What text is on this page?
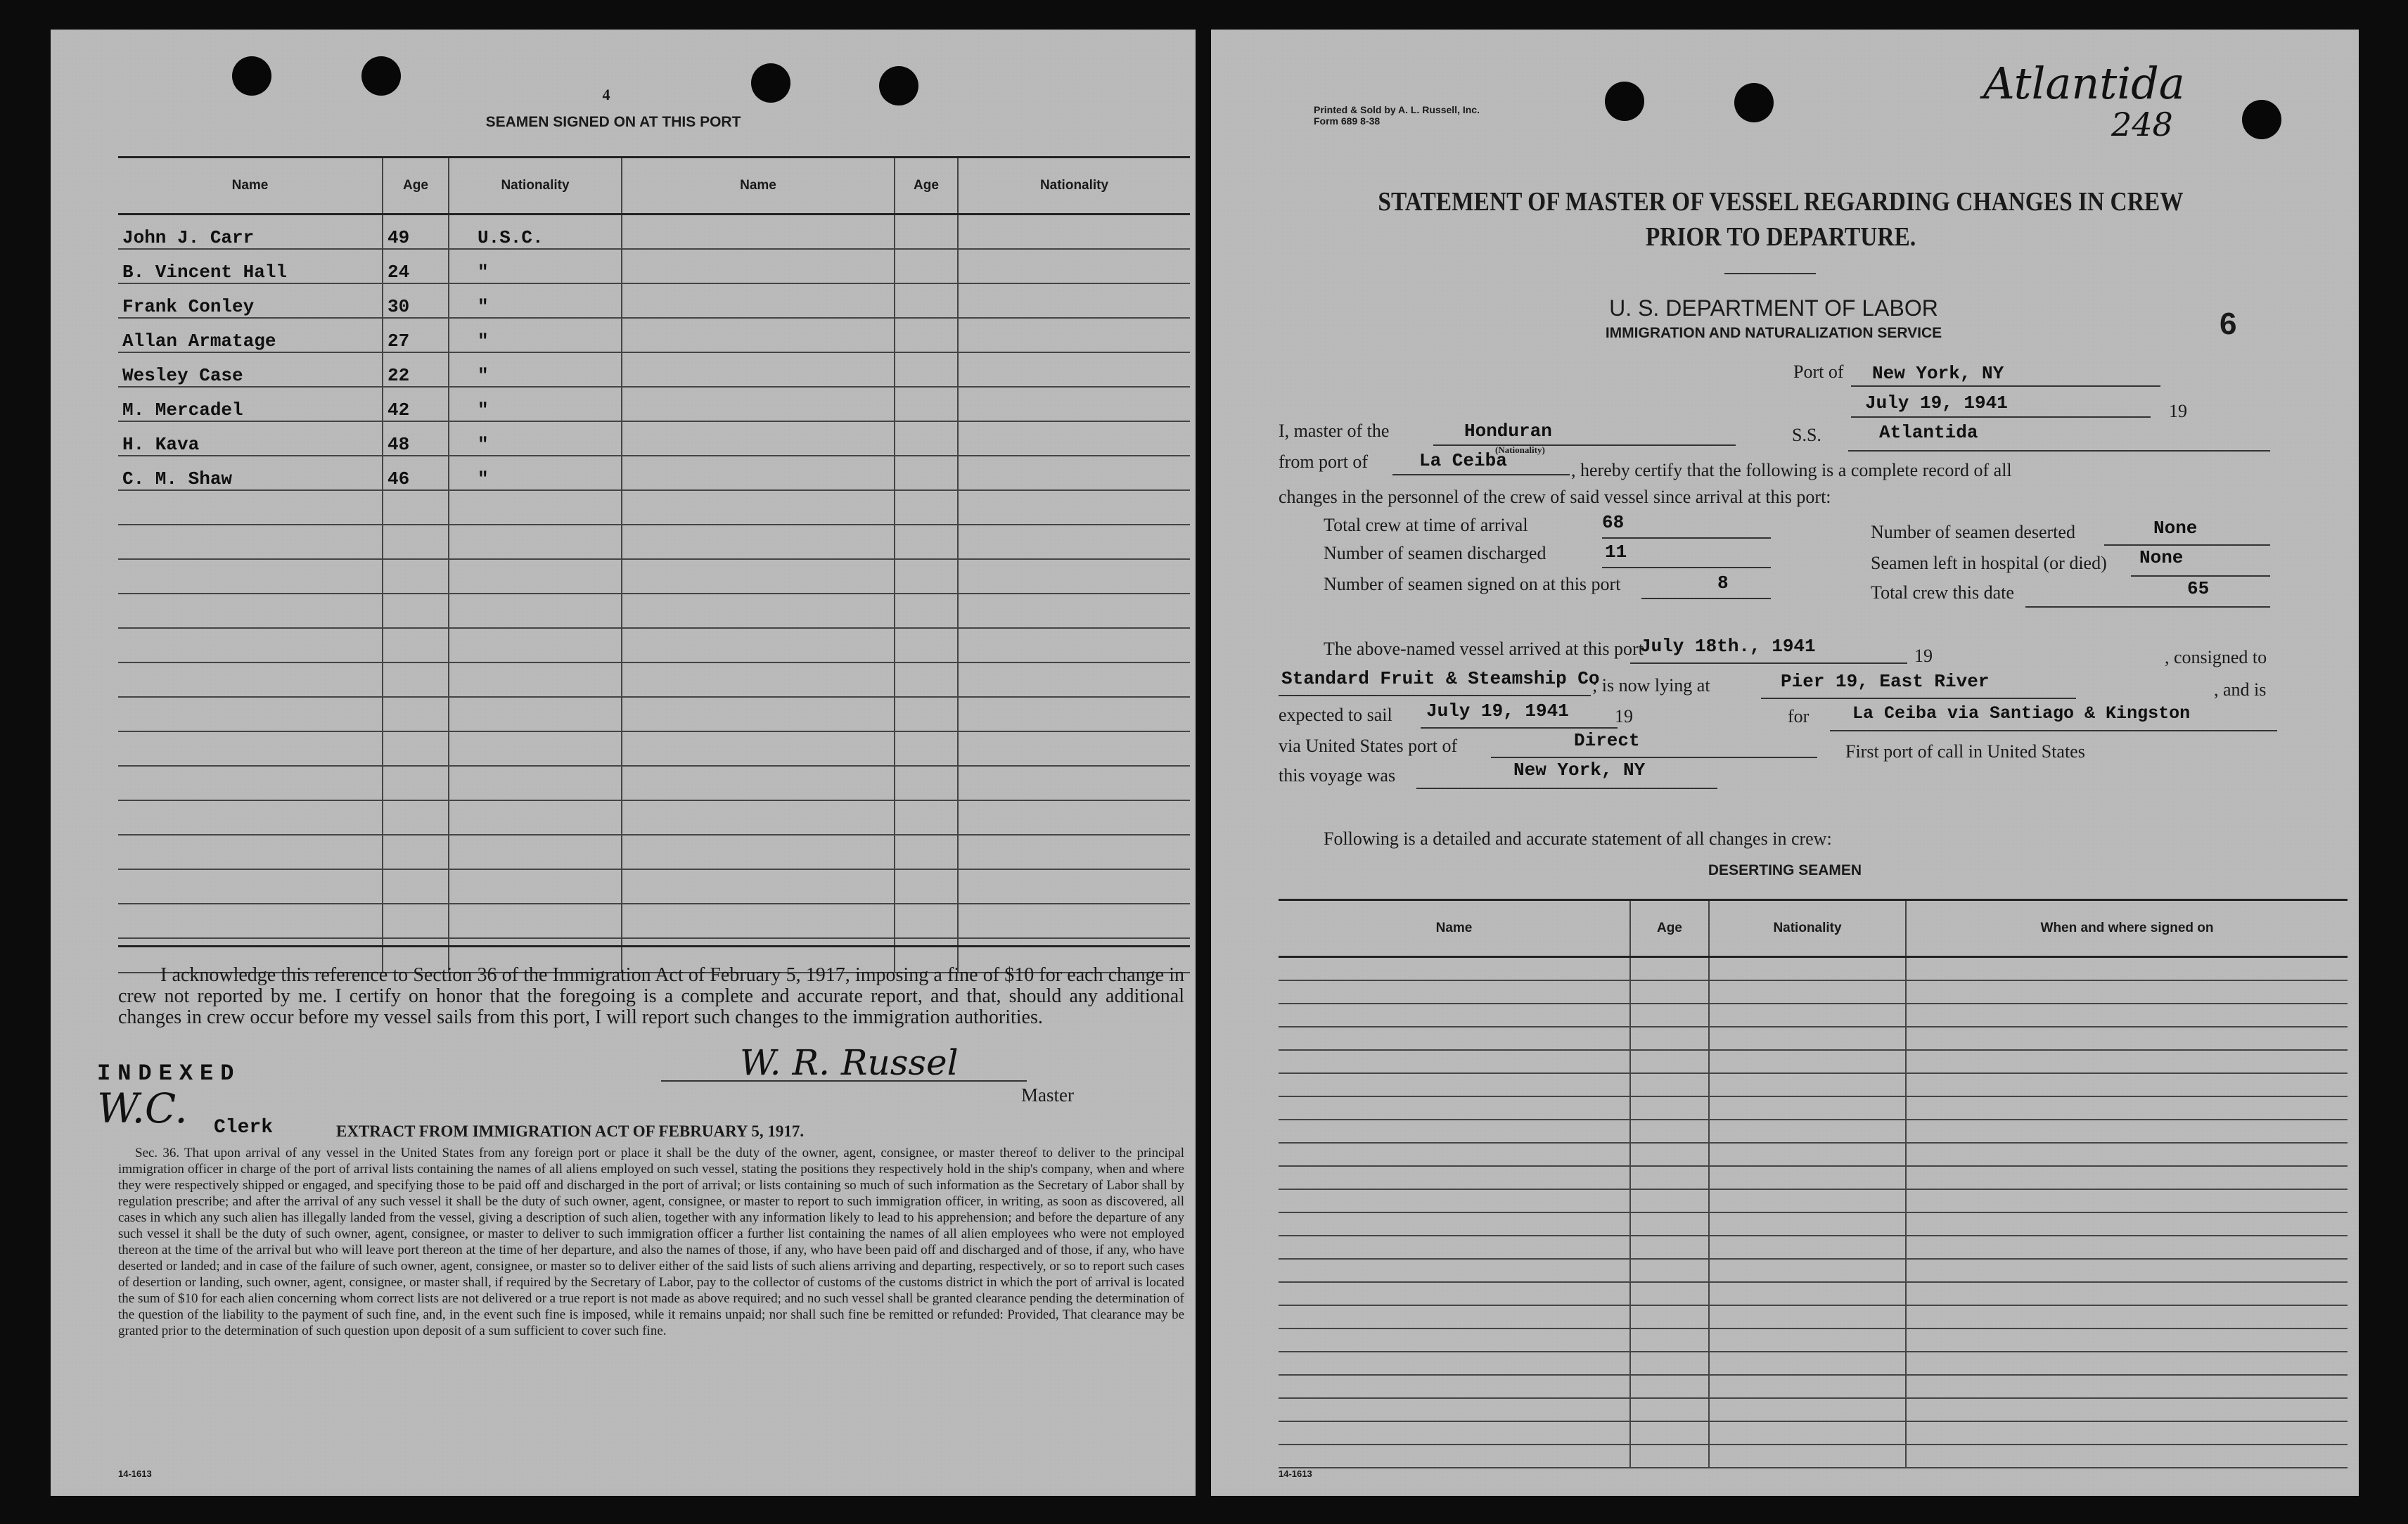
4
SEAMEN SIGNED ON AT THIS PORT
Name	Age	Nationality	Name	Age	Nationality
John J. Carr	49	U.S.C.			
B. Vincent Hall	24	"			
Frank Conley	30	"			
Allan Armatage	27	"			
Wesley Case	22	"			
M. Mercadel	42	"			
H. Kava	48	"			
C. M. Shaw	46	"			

I acknowledge this reference to Section 36 of the Immigration Act of February 5, 1917, imposing a fine of $10 for each change in crew not reported by me. I certify on honor that the foregoing is a complete and accurate report, and that, should any additional changes in crew occur before my vessel sails from this port, I will report such changes to the immigration authorities.
W. R. Russel
Master
INDEXED
W.C. Clerk	EXTRACT FROM IMMIGRATION ACT OF FEBRUARY 5, 1917.
Sec. 36. That upon arrival of any vessel in the United States from any foreign port or place it shall be the duty of the owner, agent, consignee, or master thereof to deliver to the principal immigration officer in charge of the port of arrival lists containing the names of all aliens employed on such vessel, stating the positions they respectively hold in the ship's company, when and where they were respectively shipped or engaged, and specifying those to be paid off and discharged in the port of arrival; or lists containing so much of such information as the Secretary of Labor shall by regulation prescribe; and after the arrival of any such vessel it shall be the duty of such owner, agent, consignee, or master to report to such immigration officer, in writing, as soon as discovered, all cases in which any such alien has illegally landed from the vessel, giving a description of such alien, together with any information likely to lead to his apprehension; and before the departure of any such vessel it shall be the duty of such owner, agent, consignee, or master to deliver to such immigration officer a further list containing the names of all alien employees who were not employed thereon at the time of the arrival but who will leave port thereon at the time of her departure, and also the names of those, if any, who have been paid off and discharged and of those, if any, who have deserted or landed; and in case of the failure of such owner, agent, consignee, or master so to deliver either of the said lists of such aliens arriving and departing, respectively, or so to report such cases of desertion or landing, such owner, agent, consignee, or master shall, if required by the Secretary of Labor, pay to the collector of customs of the customs district in which the port of arrival is located the sum of $10 for each alien concerning whom correct lists are not delivered or a true report is not made as above required; and no such vessel shall be granted clearance pending the determination of the question of the liability to the payment of such fine, and, in the event such fine is imposed, while it remains unpaid; nor shall such fine be remitted or refunded: Provided, That clearance may be granted prior to the determination of such question upon deposit of a sum sufficient to cover such fine.
14-1613
Printed & Sold by A. L. Russell, Inc.
Form 689 8-38
Atlantida
248
STATEMENT OF MASTER OF VESSEL REGARDING CHANGES IN CREW
PRIOR TO DEPARTURE.
U. S. DEPARTMENT OF LABOR
IMMIGRATION AND NATURALIZATION SERVICE	6
Port of New York, NY
July 19, 1941	19
I, master of the	Honduran	S.S.	Atlantida
from port of	La Ceiba
(Nationality)
, hereby certify that the following is a complete record of all
changes in the personnel of the crew of said vessel since arrival at this port:
Total crew at time of arrival	68
Number of seamen discharged	11
Number of seamen signed on at this port	8
Number of seamen deserted	None
Seamen left in hospital (or died) None
Total crew this date	65
The above-named vessel arrived at this port
July 18th., 1941	19	, consigned to
Standard Fruit & Steamship Co
; is now lying at	Pier 19, East River	, and is
expected to sail July 19, 1941	19	for La Ceiba via Santiago & Kingston
via United States port of	Direct
First port of call in United States
this voyage was	New York, NY
Following is a detailed and accurate statement of all changes in crew:
DESERTING SEAMEN
Name	Age	Nationality	When and where signed on

14-1613
